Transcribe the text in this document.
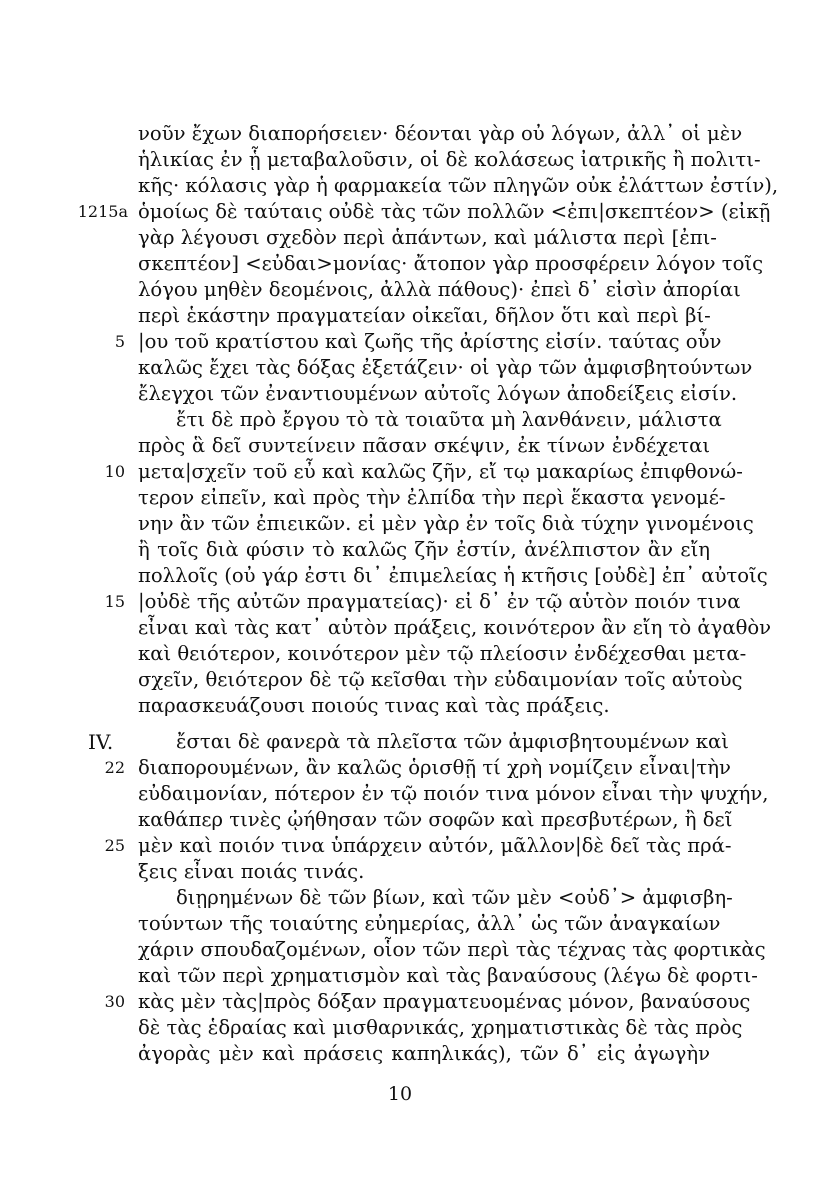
νοῦν ἔχων διαπορήσειεν· δέονται γὰρ οὐ λόγων, ἀλλ᾽ οἱ μὲν
ἡλικίας ἐν ᾗ μεταβαλοῦσιν, οἱ δὲ κολάσεως ἰατρικῆς ἢ πολιτι-
κῆς· κόλασις γὰρ ἡ φαρμακεία τῶν πληγῶν οὐκ ἐλάττων ἐστίν),
1215a ὁμοίως δὲ ταύταις οὐδὲ τὰς τῶν πολλῶν <ἐπι|σκεπτέον> (εἰκῇ
γὰρ λέγουσι σχεδὸν περὶ ἁπάντων, καὶ μάλιστα περὶ [ἐπι-
σκεπτέον] <εὐδαι>μονίας· ἄτοπον γὰρ προσφέρειν λόγον τοῖς
λόγου μηθὲν δεομένοις, ἀλλὰ πάθους)· ἐπεὶ δ᾽ εἰσὶν ἀπορίαι
περὶ ἑκάστην πραγματείαν οἰκεῖαι, δῆλον ὅτι καὶ περὶ βί-
5 |ου τοῦ κρατίστου καὶ ζωῆς τῆς ἀρίστης εἰσίν. ταύτας οὖν
καλῶς ἔχει τὰς δόξας ἐξετάζειν· οἱ γὰρ τῶν ἀμφισβητούντων
ἔλεγχοι τῶν ἐναντιουμένων αὐτοῖς λόγων ἀποδείξεις εἰσίν.
ἔτι δὲ πρὸ ἔργου τὸ τὰ τοιαῦτα μὴ λανθάνειν, μάλιστα
πρὸς ἃ δεῖ συντείνειν πᾶσαν σκέψιν, ἐκ τίνων ἐνδέχεται
10 μετα|σχεῖν τοῦ εὖ καὶ καλῶς ζῆν, εἴ τῳ μακαρίως ἐπιφθονώ-
τερον εἰπεῖν, καὶ πρὸς τὴν ἐλπίδα τὴν περὶ ἕκαστα γενομέ-
νην ἂν τῶν ἐπιεικῶν. εἰ μὲν γὰρ ἐν τοῖς διὰ τύχην γινομένοις
ἢ τοῖς διὰ φύσιν τὸ καλῶς ζῆν ἐστίν, ἀνέλπιστον ἂν εἴη
πολλοῖς (οὐ γάρ ἐστι δι᾽ ἐπιμελείας ἡ κτῆσις [οὐδὲ] ἐπ᾽ αὐτοῖς
15 |οὐδὲ τῆς αὐτῶν πραγματείας)· εἰ δ᾽ ἐν τῷ αὑτὸν ποιόν τινα
εἶναι καὶ τὰς κατ᾽ αὑτὸν πράξεις, κοινότερον ἂν εἴη τὸ ἀγαθὸν
καὶ θειότερον, κοινότερον μὲν τῷ πλείοσιν ἐνδέχεσθαι μετα-
σχεῖν, θειότερον δὲ τῷ κεῖσθαι τὴν εὐδαιμονίαν τοῖς αὑτοὺς
παρασκευάζουσι ποιούς τινας καὶ τὰς πράξεις.
IV.	ἔσται δὲ φανερὰ τὰ πλεῖστα τῶν ἀμφισβητουμένων καὶ
22 διαπορουμένων, ἂν καλῶς ὁρισθῇ τί χρὴ νομίζειν εἶναι|τὴν
εὐδαιμονίαν, πότερον ἐν τῷ ποιόν τινα μόνον εἶναι τὴν ψυχήν,
καθάπερ τινὲς ᾠήθησαν τῶν σοφῶν καὶ πρεσβυτέρων, ἢ δεῖ
25 μὲν καὶ ποιόν τινα ὑπάρχειν αὐτόν, μᾶλλον|δὲ δεῖ τὰς πρά-
ξεις εἶναι ποιάς τινάς.
διῃρημένων δὲ τῶν βίων, καὶ τῶν μὲν <οὐδ᾽> ἀμφισβη-
τούντων τῆς τοιαύτης εὐημερίας, ἀλλ᾽ ὡς τῶν ἀναγκαίων
χάριν σπουδαζομένων, οἷον τῶν περὶ τὰς τέχνας τὰς φορτικὰς
καὶ τῶν περὶ χρηματισμὸν καὶ τὰς βαναύσους (λέγω δὲ φορτι-
30 κὰς μὲν τὰς|πρὸς δόξαν πραγματευομένας μόνον, βαναύσους
δὲ τὰς ἑδραίας καὶ μισθαρνικάς, χρηματιστικὰς δὲ τὰς πρὸς
ἀγορὰς μὲν καὶ πράσεις καπηλικάς), τῶν δ᾽ εἰς ἀγωγὴν
10
